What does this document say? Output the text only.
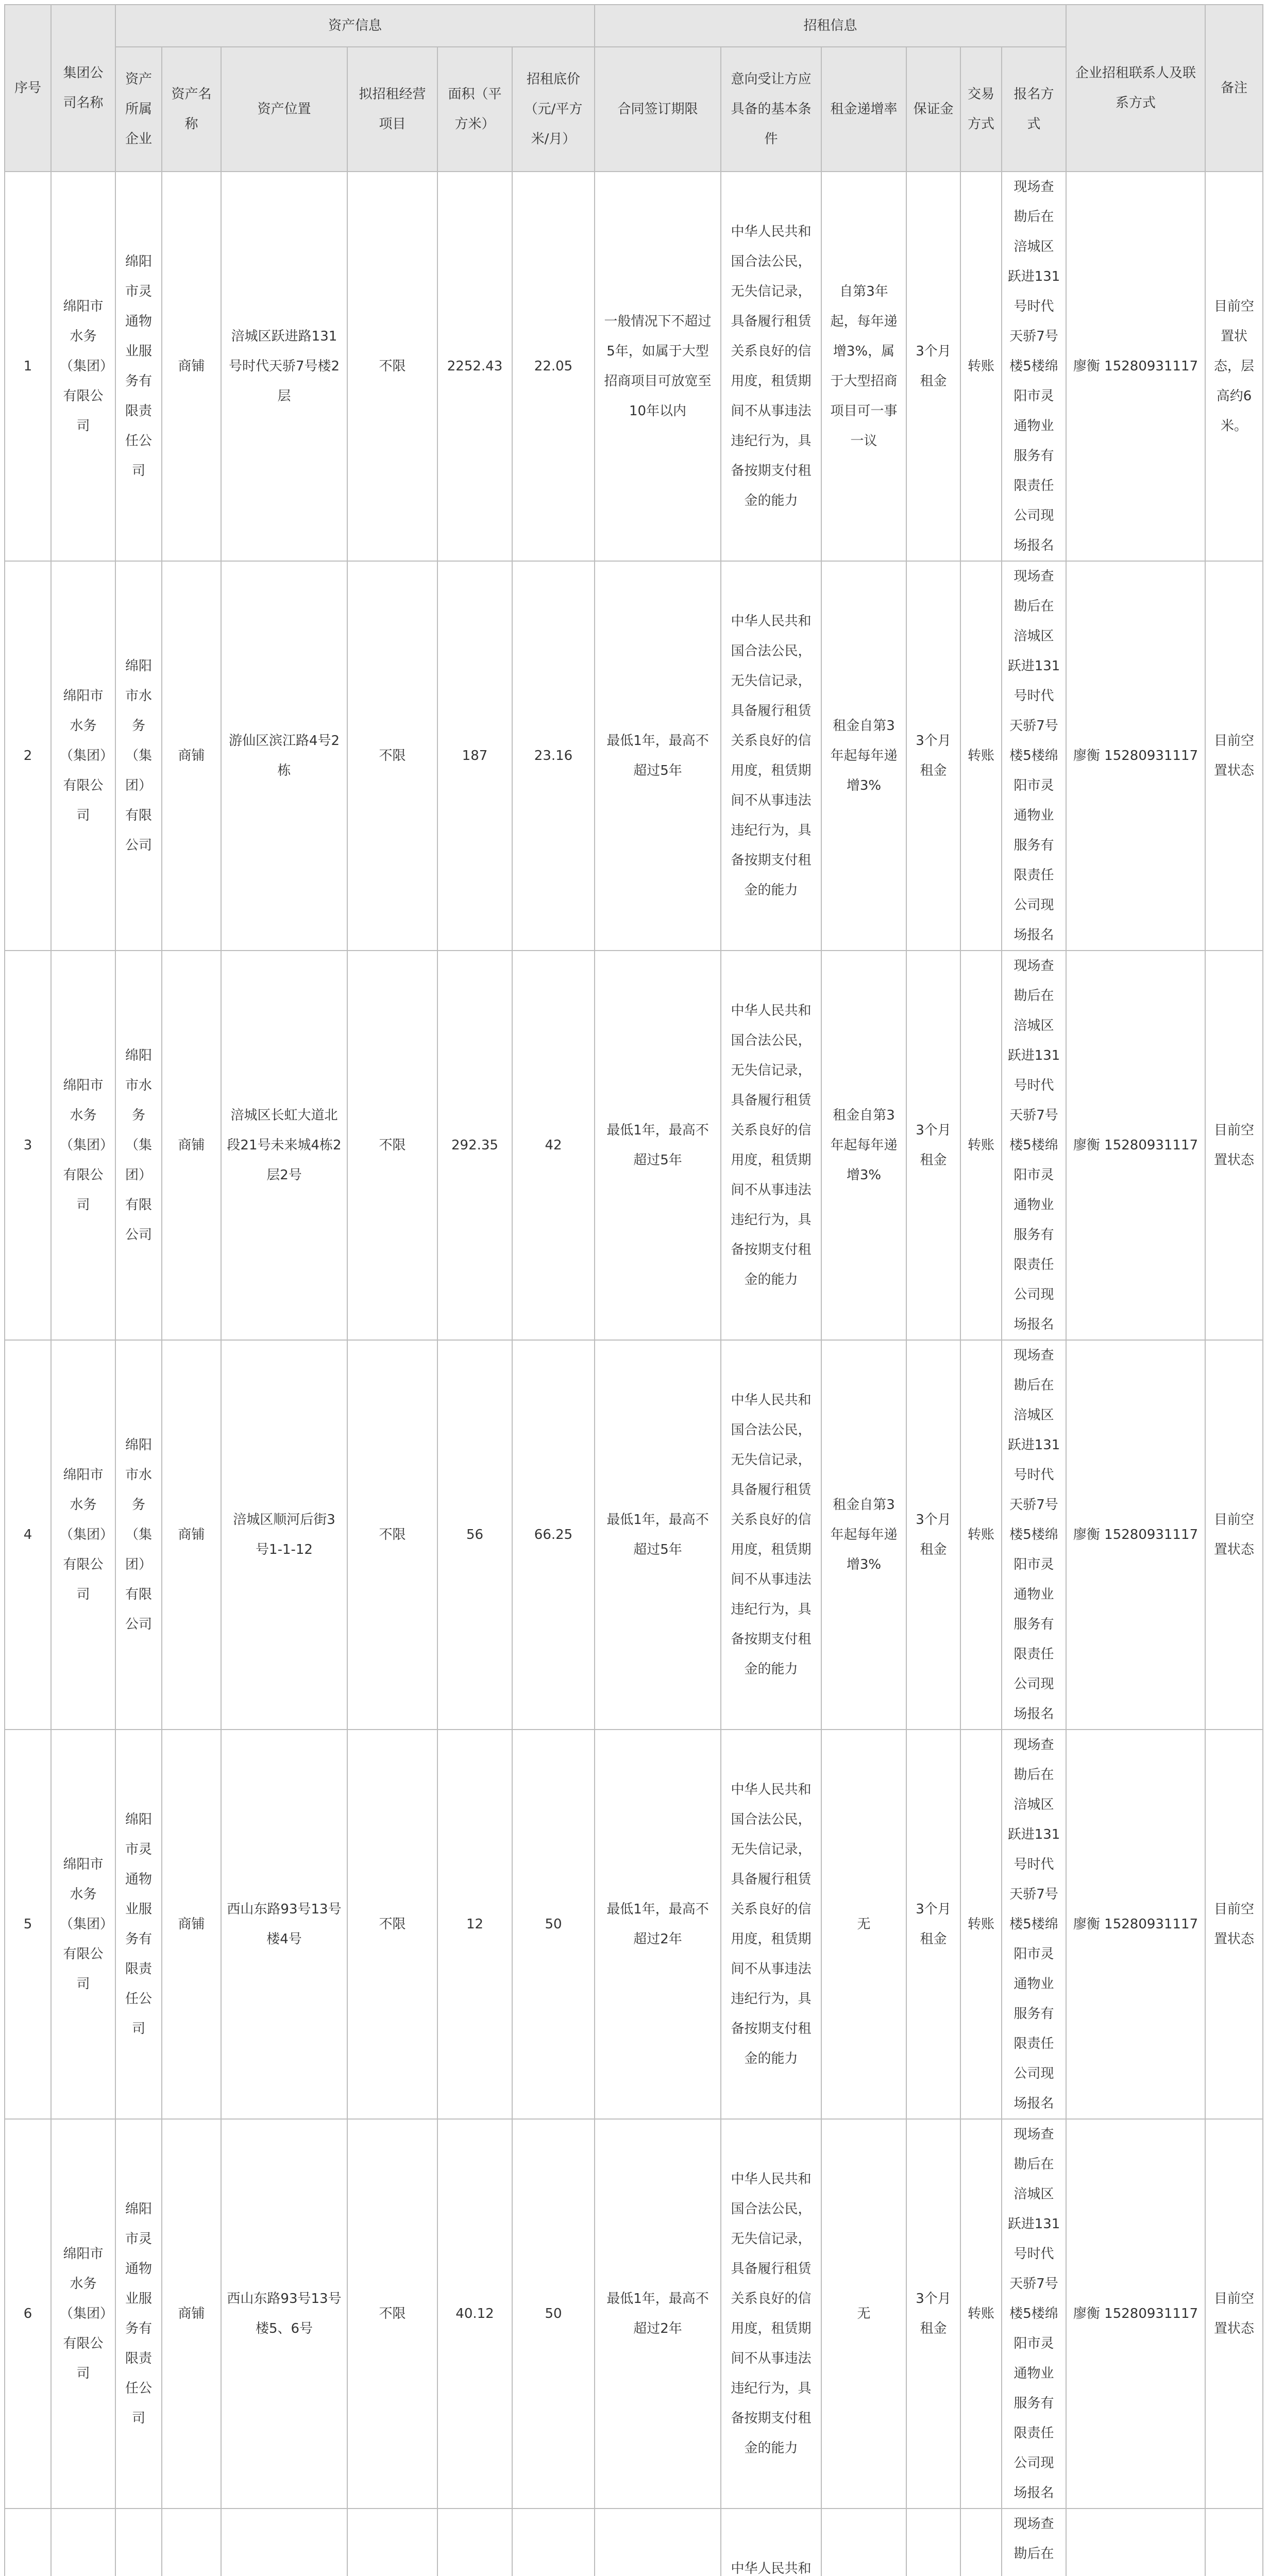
序号	集团公司名称	资产信息						招租信息						企业招租联系人及联系方式	备注
		资产所属企业	资产名称	资产位置	拟招租经营项目	面积（平方米）	招租底价（元/平方米/月）	合同签订期限	意向受让方应具备的基本条件	租金递增率	保证金	交易方式	报名方式		
1	绵阳市水务（集团）有限公司	绵阳市灵通物业服务有限责任公司	商铺	涪城区跃进路131号时代天骄7号楼2层	不限	2252.43	22.05	一般情况下不超过5年，如属于大型招商项目可放宽至10年以内	中华人民共和国合法公民，无失信记录，具备履行租赁关系良好的信用度，租赁期间不从事违法违纪行为，具备按期支付租金的能力	自第3年起，每年递增3%，属于大型招商项目可一事一议	3个月租金	转账	现场查勘后在涪城区跃进131号时代天骄7号楼5楼绵阳市灵通物业服务有限责任公司现场报名	廖衡 15280931117	目前空置状态，层高约6米。
2	绵阳市水务（集团）有限公司	绵阳市水务（集团）有限公司	商铺	游仙区滨江路4号2栋	不限	187	23.16	最低1年，最高不超过5年	中华人民共和国合法公民，无失信记录，具备履行租赁关系良好的信用度，租赁期间不从事违法违纪行为，具备按期支付租金的能力	租金自第3年起每年递增3%	3个月租金	转账	现场查勘后在涪城区跃进131号时代天骄7号楼5楼绵阳市灵通物业服务有限责任公司现场报名	廖衡 15280931117	目前空置状态
3	绵阳市水务（集团）有限公司	绵阳市水务（集团）有限公司	商铺	涪城区长虹大道北段21号未来城4栋2层2号	不限	292.35	42	最低1年，最高不超过5年	中华人民共和国合法公民，无失信记录，具备履行租赁关系良好的信用度，租赁期间不从事违法违纪行为，具备按期支付租金的能力	租金自第3年起每年递增3%	3个月租金	转账	现场查勘后在涪城区跃进131号时代天骄7号楼5楼绵阳市灵通物业服务有限责任公司现场报名	廖衡 15280931117	目前空置状态
4	绵阳市水务（集团）有限公司	绵阳市水务（集团）有限公司	商铺	涪城区顺河后街3号1-1-12	不限	56	66.25	最低1年，最高不超过5年	中华人民共和国合法公民，无失信记录，具备履行租赁关系良好的信用度，租赁期间不从事违法违纪行为，具备按期支付租金的能力	租金自第3年起每年递增3%	3个月租金	转账	现场查勘后在涪城区跃进131号时代天骄7号楼5楼绵阳市灵通物业服务有限责任公司现场报名	廖衡 15280931117	目前空置状态
5	绵阳市水务（集团）有限公司	绵阳市灵通物业服务有限责任公司	商铺	西山东路93号13号楼4号	不限	12	50	最低1年，最高不超过2年	中华人民共和国合法公民，无失信记录，具备履行租赁关系良好的信用度，租赁期间不从事违法违纪行为，具备按期支付租金的能力	无	3个月租金	转账	现场查勘后在涪城区跃进131号时代天骄7号楼5楼绵阳市灵通物业服务有限责任公司现场报名	廖衡 15280931117	目前空置状态
6	绵阳市水务（集团）有限公司	绵阳市灵通物业服务有限责任公司	商铺	西山东路93号13号楼5、6号	不限	40.12	50	最低1年，最高不超过2年	中华人民共和国合法公民，无失信记录，具备履行租赁关系良好的信用度，租赁期间不从事违法违纪行为，具备按期支付租金的能力	无	3个月租金	转账	现场查勘后在涪城区跃进131号时代天骄7号楼5楼绵阳市灵通物业服务有限责任公司现场报名	廖衡 15280931117	目前空置状态
									中华人民共和				现场查勘后在		
